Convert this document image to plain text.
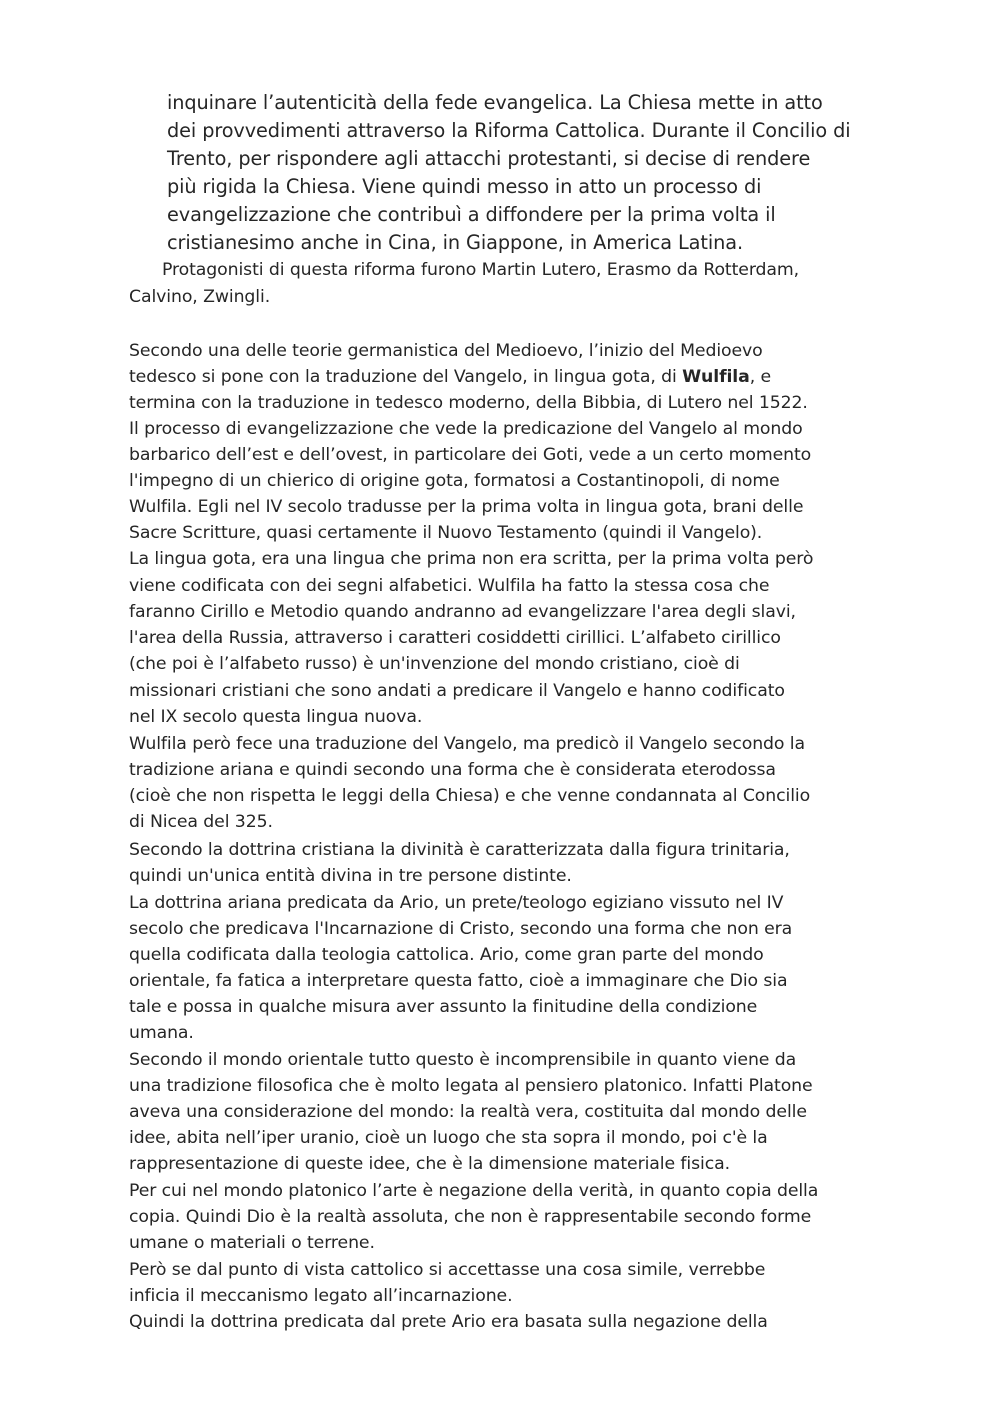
inquinare l’autenticità della fede evangelica. La Chiesa mette in atto

dei provvedimenti attraverso la Riforma Cattolica. Durante il Concilio di

Trento, per rispondere agli attacchi protestanti, si decise di rendere

più rigida la Chiesa. Viene quindi messo in atto un processo di

evangelizzazione che contribuì a diffondere per la prima volta il

cristianesimo anche in Cina, in Giappone, in America Latina.

Protagonisti di questa riforma furono Martin Lutero, Erasmo da Rotterdam,

Calvino, Zwingli.

Secondo una delle teorie germanistica del Medioevo, l’inizio del Medioevo

tedesco si pone con la traduzione del Vangelo, in lingua gota, di Wulfila, e

termina con la traduzione in tedesco moderno, della Bibbia, di Lutero nel 1522.

Il processo di evangelizzazione che vede la predicazione del Vangelo al mondo

barbarico dell’est e dell’ovest, in particolare dei Goti, vede a un certo momento

l'impegno di un chierico di origine gota, formatosi a Costantinopoli, di nome

Wulfila. Egli nel IV secolo tradusse per la prima volta in lingua gota, brani delle

Sacre Scritture, quasi certamente il Nuovo Testamento (quindi il Vangelo).

La lingua gota, era una lingua che prima non era scritta, per la prima volta però

viene codificata con dei segni alfabetici. Wulfila ha fatto la stessa cosa che

faranno Cirillo e Metodio quando andranno ad evangelizzare l'area degli slavi,

l'area della Russia, attraverso i caratteri cosiddetti cirillici. L’alfabeto cirillico

(che poi è l’alfabeto russo) è un'invenzione del mondo cristiano, cioè di

missionari cristiani che sono andati a predicare il Vangelo e hanno codificato

nel IX secolo questa lingua nuova.

Wulfila però fece una traduzione del Vangelo, ma predicò il Vangelo secondo la

tradizione ariana e quindi secondo una forma che è considerata eterodossa

(cioè che non rispetta le leggi della Chiesa) e che venne condannata al Concilio

di Nicea del 325.

Secondo la dottrina cristiana la divinità è caratterizzata dalla figura trinitaria,

quindi un'unica entità divina in tre persone distinte.

La dottrina ariana predicata da Ario, un prete/teologo egiziano vissuto nel IV

secolo che predicava l'Incarnazione di Cristo, secondo una forma che non era

quella codificata dalla teologia cattolica. Ario, come gran parte del mondo

orientale, fa fatica a interpretare questa fatto, cioè a immaginare che Dio sia

tale e possa in qualche misura aver assunto la finitudine della condizione

umana.

Secondo il mondo orientale tutto questo è incomprensibile in quanto viene da

una tradizione filosofica che è molto legata al pensiero platonico. Infatti Platone

aveva una considerazione del mondo: la realtà vera, costituita dal mondo delle

idee, abita nell’iper uranio, cioè un luogo che sta sopra il mondo, poi c'è la

rappresentazione di queste idee, che è la dimensione materiale fisica.

Per cui nel mondo platonico l’arte è negazione della verità, in quanto copia della

copia. Quindi Dio è la realtà assoluta, che non è rappresentabile secondo forme

umane o materiali o terrene.

Però se dal punto di vista cattolico si accettasse una cosa simile, verrebbe

inficia il meccanismo legato all’incarnazione.

Quindi la dottrina predicata dal prete Ario era basata sulla negazione della
